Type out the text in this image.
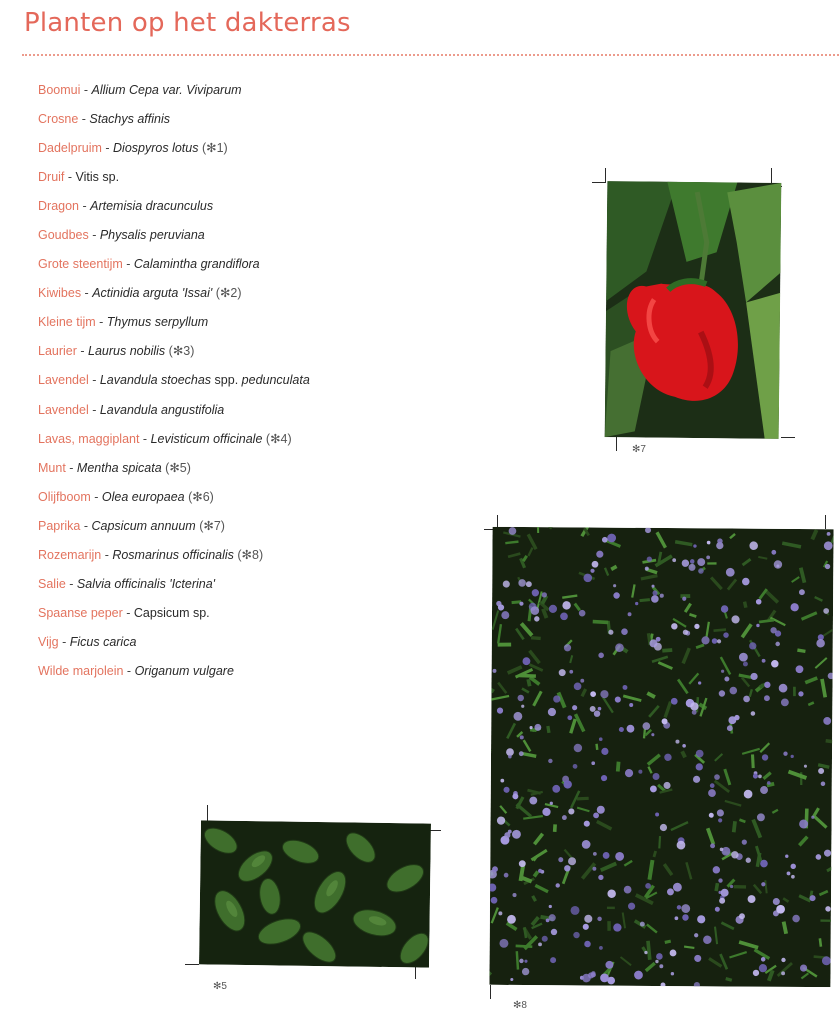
Planten op het dakterras
Boomui - Allium Cepa var. Viviparum
Crosne - Stachys affinis
Dadelpruim - Diospyros lotus (✻1)
Druif - Vitis sp.
Dragon - Artemisia dracunculus
Goudbes - Physalis peruviana
Grote steentijm - Calamintha grandiflora
Kiwibes - Actinidia arguta 'Issai' (✻2)
Kleine tijm - Thymus serpyllum
Laurier - Laurus nobilis (✻3)
Lavendel - Lavandula stoechas spp. pedunculata
Lavendel - Lavandula angustifolia
Lavas, maggiplant - Levisticum officinale (✻4)
Munt - Mentha spicata (✻5)
Olijfboom - Olea europaea (✻6)
Paprika - Capsicum annuum (✻7)
Rozemarijn - Rosmarinus officinalis (✻8)
Salie - Salvia officinalis 'Icterina'
Spaanse peper - Capsicum sp.
Vijg - Ficus carica
Wilde marjolein - Origanum vulgare
✻7
✻5
✻8
